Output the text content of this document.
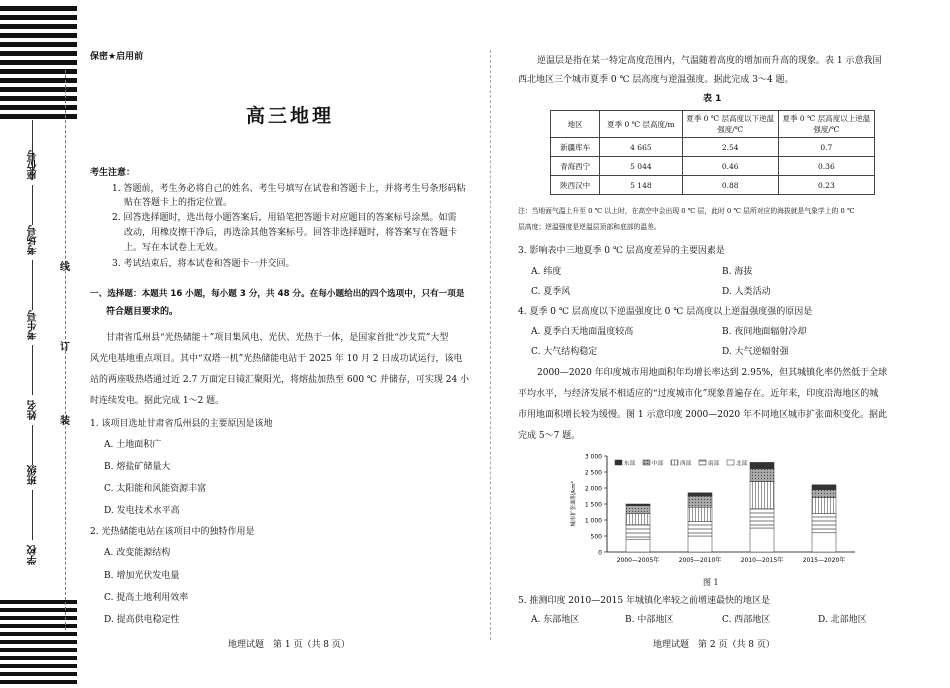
座位号
考场号
考生号
姓名
班级
学校
线
订
装
保密★启用前
高三地理
考生注意：
1. 答题前，考生务必将自己的姓名、考生号填写在试卷和答题卡上，并将考生号条形码粘
贴在答题卡上的指定位置。
2. 回答选择题时，选出每小题答案后，用铅笔把答题卡对应题目的答案标号涂黑。如需
改动，用橡皮擦干净后，再选涂其他答案标号。回答非选择题时，将答案写在答题卡
上。写在本试卷上无效。
3. 考试结束后，将本试卷和答题卡一并交回。
一、选择题：本题共 16 小题，每小题 3 分，共 48 分。在每小题给出的四个选项中，只有一项是
符合题目要求的。
甘肃省瓜州县“光热储能＋”项目集风电、光伏、光热于一体，是国家首批“沙戈荒”大型
风光电基地重点项目。其中“双塔一机”光热储能电站于 2025 年 10 月 2 日成功试运行，该电
站的两座吸热塔通过近 2.7 万面定日镜汇聚阳光，将熔盐加热至 600 ℃ 并储存，可实现 24 小
时连续发电。据此完成 1～2 题。
1. 该项目选址甘肃省瓜州县的主要原因是该地
A. 土地面积广
B. 熔盐矿储量大
C. 太阳能和风能资源丰富
D. 发电技术水平高
2. 光热储能电站在该项目中的独特作用是
A. 改变能源结构
B. 增加光伏发电量
C. 提高土地利用效率
D. 提高供电稳定性
地理试题　第 1 页（共 8 页）
逆温层是指在某一特定高度范围内，气温随着高度的增加而升高的现象。表 1 示意我国
西北地区三个城市夏季 0 ℃ 层高度与逆温强度。据此完成 3～4 题。
表 1
地区	夏季 0 ℃ 层高度/m	夏季 0 ℃ 层高度以下逆温强度/℃	夏季 0 ℃ 层高度以上逆温强度/℃
新疆库车	4 665	2.54	0.7
青海西宁	5 044	0.46	0.36
陕西汉中	5 148	0.88	0.23
注：当地面气温上升至 0 ℃ 以上时，在高空中会出现 0 ℃ 层，此时 0 ℃ 层所对应的海拔就是气象学上的 0 ℃
层高度；逆温强度是逆温层顶部和底部的温差。
3. 影响表中三地夏季 0 ℃ 层高度差异的主要因素是
A. 纬度	B. 海拔
C. 夏季风	D. 人类活动
4. 夏季 0 ℃ 层高度以下逆温强度比 0 ℃ 层高度以上逆温强度强的原因是
A. 夏季白天地面温度较高	B. 夜间地面辐射冷却
C. 大气结构稳定	D. 大气逆辐射强
2000—2020 年印度城市用地面积年均增长率达到 2.95%，但其城镇化率仍然低于全球
平均水平，与经济发展不相适应的“过度城市化”现象普遍存在。近年来，印度沿海地区的城
市用地面积增长较为缓慢。图 1 示意印度 2000—2020 年不同地区城市扩张面积变化。据此
完成 5～7 题。
0
500
1 000
1 500
2 000
2 500
3 000
城市扩张面积/km²
2000—2005年	2005—2010年	2010—2015年	2015—2020年
东部	中部	西部	南部	北部
图 1
5. 推测印度 2010—2015 年城镇化率较之前增速最快的地区是
A. 东部地区	B. 中部地区	C. 西部地区	D. 北部地区
地理试题　第 2 页（共 8 页）
